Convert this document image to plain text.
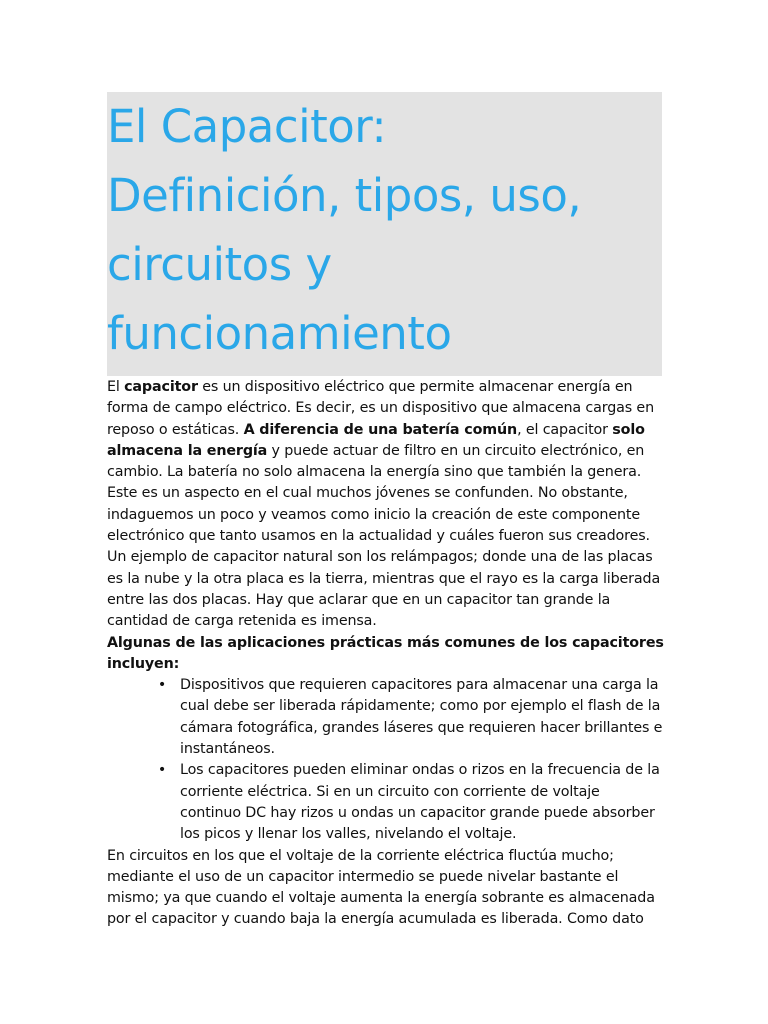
El Capacitor:
Definición, tipos, uso,
circuitos y
funcionamiento
El capacitor es un dispositivo eléctrico que permite almacenar energía en
forma de campo eléctrico. Es decir, es un dispositivo que almacena cargas en
reposo o estáticas. A diferencia de una batería común, el capacitor solo
almacena la energía y puede actuar de filtro en un circuito electrónico, en
cambio. La batería no solo almacena la energía sino que también la genera.
Este es un aspecto en el cual muchos jóvenes se confunden. No obstante,
indaguemos un poco y veamos como inicio la creación de este componente
electrónico que tanto usamos en la actualidad y cuáles fueron sus creadores.
Un ejemplo de capacitor natural son los relámpagos; donde una de las placas
es la nube y la otra placa es la tierra, mientras que el rayo es la carga liberada
entre las dos placas. Hay que aclarar que en un capacitor tan grande la
cantidad de carga retenida es imensa.
Algunas de las aplicaciones prácticas más comunes de los capacitores
incluyen:
• Dispositivos que requieren capacitores para almacenar una carga la
cual debe ser liberada rápidamente; como por ejemplo el flash de la
cámara fotográfica, grandes láseres que requieren hacer brillantes e
instantáneos.
• Los capacitores pueden eliminar ondas o rizos en la frecuencia de la
corriente eléctrica. Si en un circuito con corriente de voltaje
continuo DC hay rizos u ondas un capacitor grande puede absorber
los picos y llenar los valles, nivelando el voltaje.
En circuitos en los que el voltaje de la corriente eléctrica fluctúa mucho;
mediante el uso de un capacitor intermedio se puede nivelar bastante el
mismo; ya que cuando el voltaje aumenta la energía sobrante es almacenada
por el capacitor y cuando baja la energía acumulada es liberada. Como dato
